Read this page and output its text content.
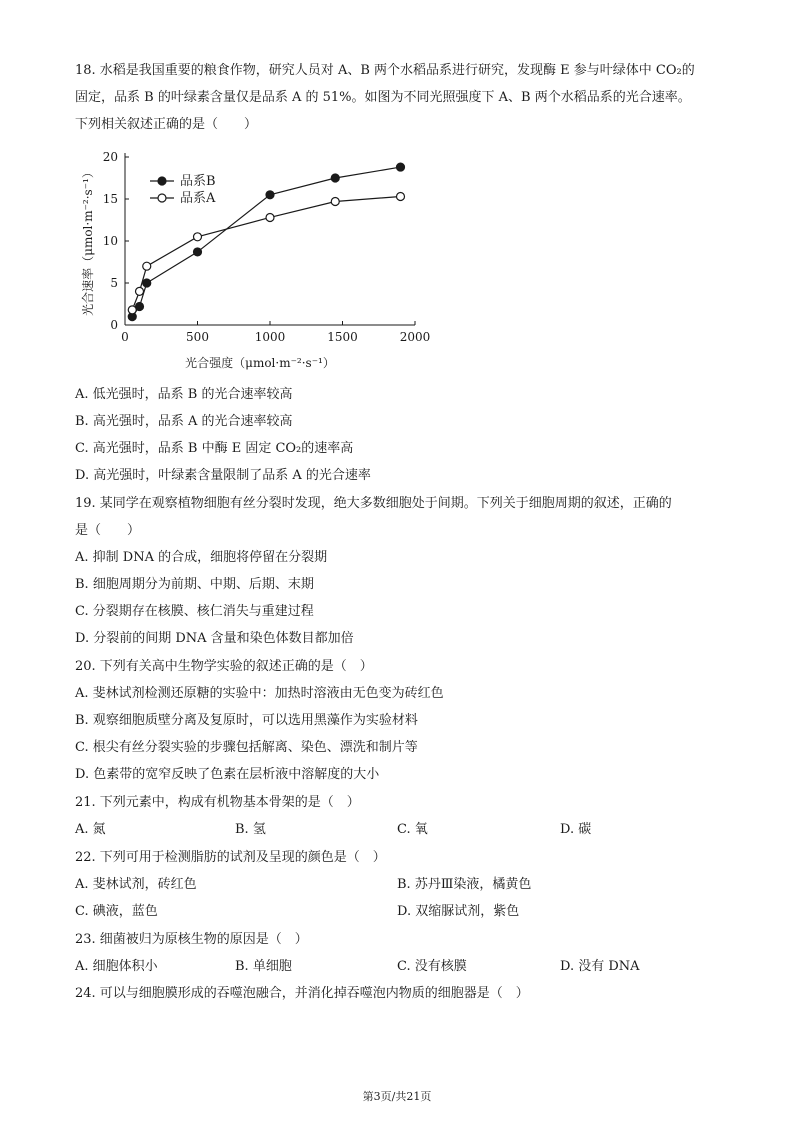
18. 水稻是我国重要的粮食作物，研究人员对 A、B 两个水稻品系进行研究，发现酶 E 参与叶绿体中 CO₂的
固定，品系 B 的叶绿素含量仅是品系 A 的 51%。如图为不同光照强度下 A、B 两个水稻品系的光合速率。
下列相关叙述正确的是（　　）
0	500	1000	1500	2000
0
5
10
15
20
品系B
品系A
光合速率（μmol·m⁻²·s⁻¹）
光合强度（μmol·m⁻²·s⁻¹）
A. 低光强时，品系 B 的光合速率较高
B. 高光强时，品系 A 的光合速率较高
C. 高光强时，品系 B 中酶 E 固定 CO₂的速率高
D. 高光强时，叶绿素含量限制了品系 A 的光合速率
19. 某同学在观察植物细胞有丝分裂时发现，绝大多数细胞处于间期。下列关于细胞周期的叙述，正确的
是（　　）
A. 抑制 DNA 的合成，细胞将停留在分裂期
B. 细胞周期分为前期、中期、后期、末期
C. 分裂期存在核膜、核仁消失与重建过程
D. 分裂前的间期 DNA 含量和染色体数目都加倍
20. 下列有关高中生物学实验的叙述正确的是（　）
A. 斐林试剂检测还原糖的实验中：加热时溶液由无色变为砖红色
B. 观察细胞质壁分离及复原时，可以选用黑藻作为实验材料
C. 根尖有丝分裂实验的步骤包括解离、染色、漂洗和制片等
D. 色素带的宽窄反映了色素在层析液中溶解度的大小
21. 下列元素中，构成有机物基本骨架的是（　）
A. 氮	B. 氢	C. 氧	D. 碳
22. 下列可用于检测脂肪的试剂及呈现的颜色是（　）
A. 斐林试剂，砖红色	B. 苏丹Ⅲ染液，橘黄色
C. 碘液，蓝色	D. 双缩脲试剂，紫色
23. 细菌被归为原核生物的原因是（　）
A. 细胞体积小	B. 单细胞	C. 没有核膜	D. 没有 DNA
24. 可以与细胞膜形成的吞噬泡融合，并消化掉吞噬泡内物质的细胞器是（　）
第3页/共21页
